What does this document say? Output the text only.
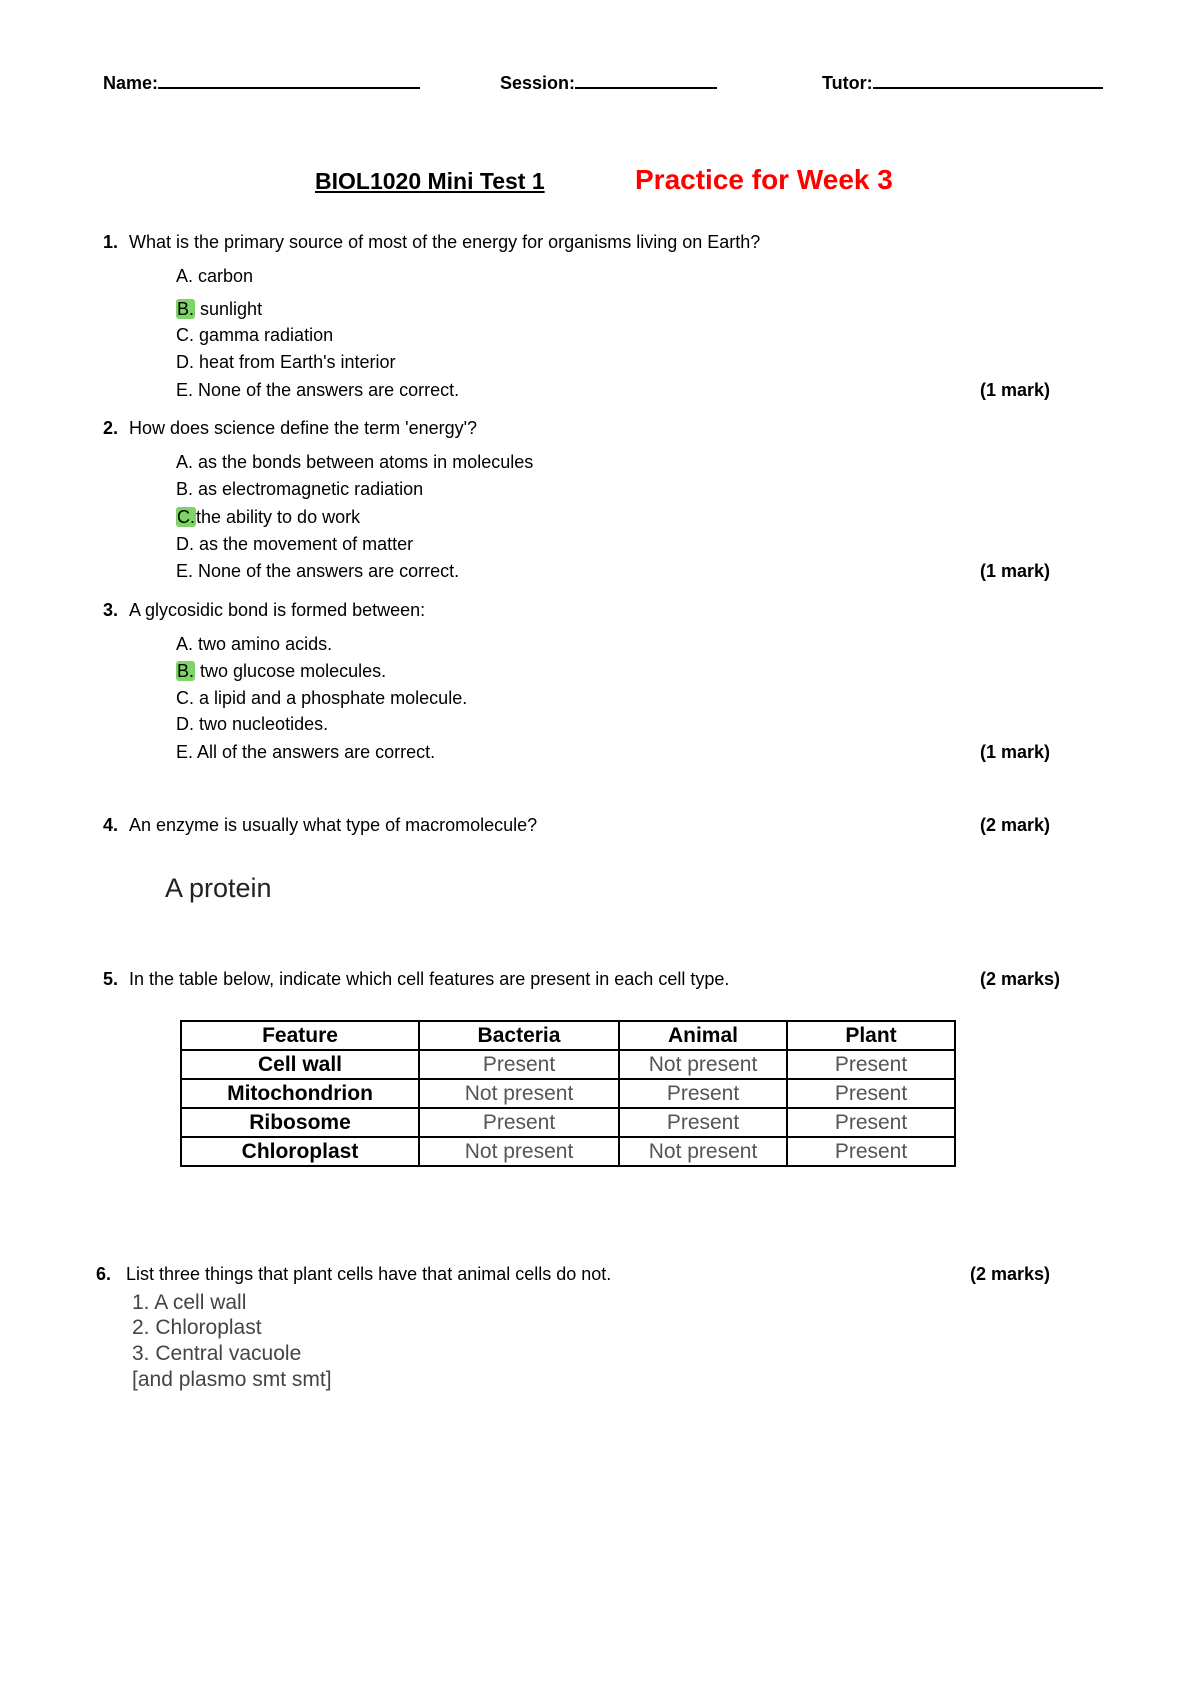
Name:	Session:	Tutor:
BIOL1020 Mini Test 1	Practice for Week 3
1. What is the primary source of most of the energy for organisms living on Earth?
A. carbon
B. sunlight
C. gamma radiation
D. heat from Earth's interior
E. None of the answers are correct.	(1 mark)
2. How does science define the term 'energy'?
A. as the bonds between atoms in molecules
B. as electromagnetic radiation
C.the ability to do work
D. as the movement of matter
E. None of the answers are correct.	(1 mark)
3. A glycosidic bond is formed between:
A. two amino acids.
B. two glucose molecules.
C. a lipid and a phosphate molecule.
D. two nucleotides.
E. All of the answers are correct.	(1 mark)
4. An enzyme is usually what type of macromolecule?	(2 mark)
A protein
5. In the table below, indicate which cell features are present in each cell type.	(2 marks)
Feature	Bacteria	Animal	Plant
Cell wall	Present	Not present	Present
Mitochondrion	Not present	Present	Present
Ribosome	Present	Present	Present
Chloroplast	Not present	Not present	Present
6. List three things that plant cells have that animal cells do not.	(2 marks)
1. A cell wall
2. Chloroplast
3. Central vacuole
[and plasmo smt smt]
